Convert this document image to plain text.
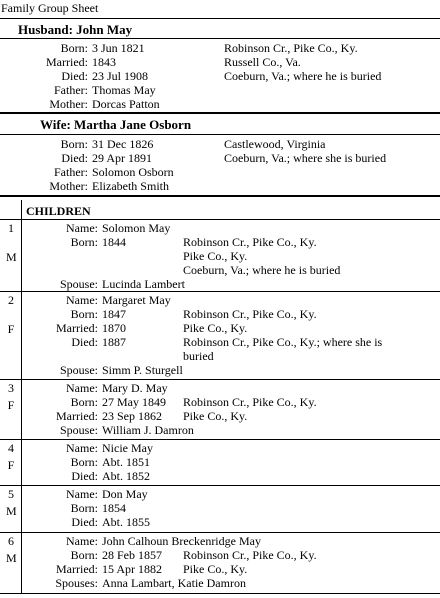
Family Group Sheet
Husband: John May
Born: 3 Jun 1821	Robinson Cr., Pike Co., Ky.
Married: 1843	Russell Co., Va.
Died: 23 Jul 1908	Coeburn, Va.; where he is buried
Father: Thomas May
Mother: Dorcas Patton
Wife: Martha Jane Osborn
Born: 31 Dec 1826	Castlewood, Virginia
Died: 29 Apr 1891	Coeburn, Va.; where she is buried
Father: Solomon Osborn
Mother: Elizabeth Smith
CHILDREN
1
M
Name: Solomon May
Born: 1844	Robinson Cr., Pike Co., Ky.
Pike Co., Ky.
Coeburn, Va.; where he is buried
Spouse: Lucinda Lambert
2
F
Name: Margaret May
Born: 1847	Robinson Cr., Pike Co., Ky.
Married: 1870	Pike Co., Ky.
Died: 1887	Robinson Cr., Pike Co., Ky.; where she is
buried
Spouse: Simm P. Sturgell
3
F
Name: Mary D. May
Born: 27 May 1849 Robinson Cr., Pike Co., Ky.
Married: 23 Sep 1862 Pike Co., Ky.
Spouse: William J. Damron
4
F
Name: Nicie May
Born: Abt. 1851
Died: Abt. 1852
5
M
Name: Don May
Born: 1854
Died: Abt. 1855
6
M
Name: John Calhoun Breckenridge May
Born: 28 Feb 1857 Robinson Cr., Pike Co., Ky.
Married: 15 Apr 1882 Pike Co., Ky.
Spouses: Anna Lambart, Katie Damron
